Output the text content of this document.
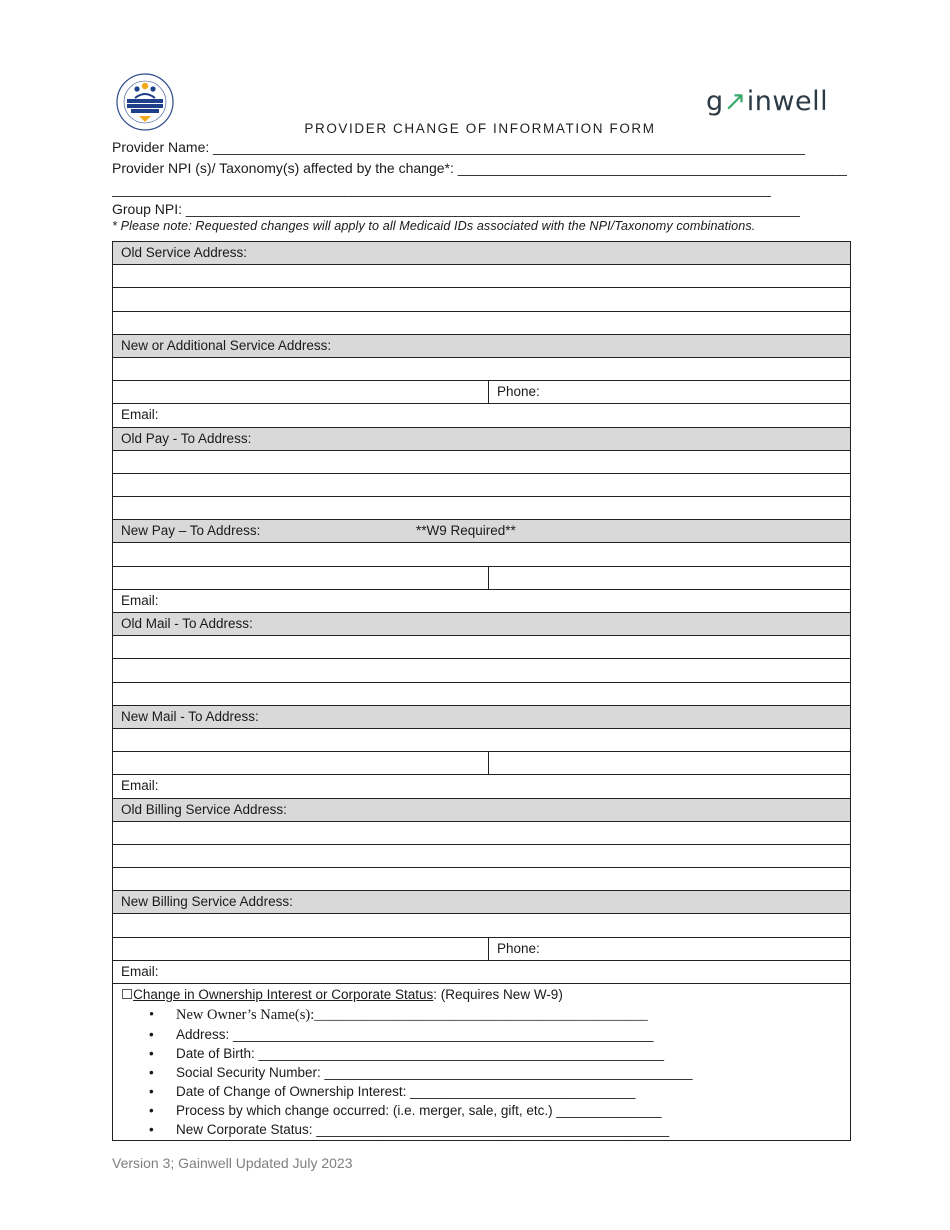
g↗inwell
PROVIDER CHANGE OF INFORMATION FORM
Provider Name: _______________________________________________________________________________
Provider NPI (s)/ Taxonomy(s) affected by the change*: ____________________________________________________
________________________________________________________________________________________
Group NPI: __________________________________________________________________________________
* Please note: Requested changes will apply to all Medicaid IDs associated with the NPI/Taxonomy combinations.
Old Service Address:
New or Additional Service Address:
Phone:
Email:
Old Pay - To Address:
New Pay – To Address:	**W9 Required**
Email:
Old Mail - To Address:
New Mail - To Address:
Email:
Old Billing Service Address:
New Billing Service Address:
Phone:
Email:
☐Change in Ownership Interest or Corporate Status: (Requires New W-9)
• New Owner’s Name(s):______________________________________________
• Address: ________________________________________________________
• Date of Birth: ______________________________________________________
• Social Security Number: _________________________________________________
• Date of Change of Ownership Interest: ______________________________
• Process by which change occurred: (i.e. merger, sale, gift, etc.) ______________
• New Corporate Status: _______________________________________________
Version 3; Gainwell Updated July 2023
